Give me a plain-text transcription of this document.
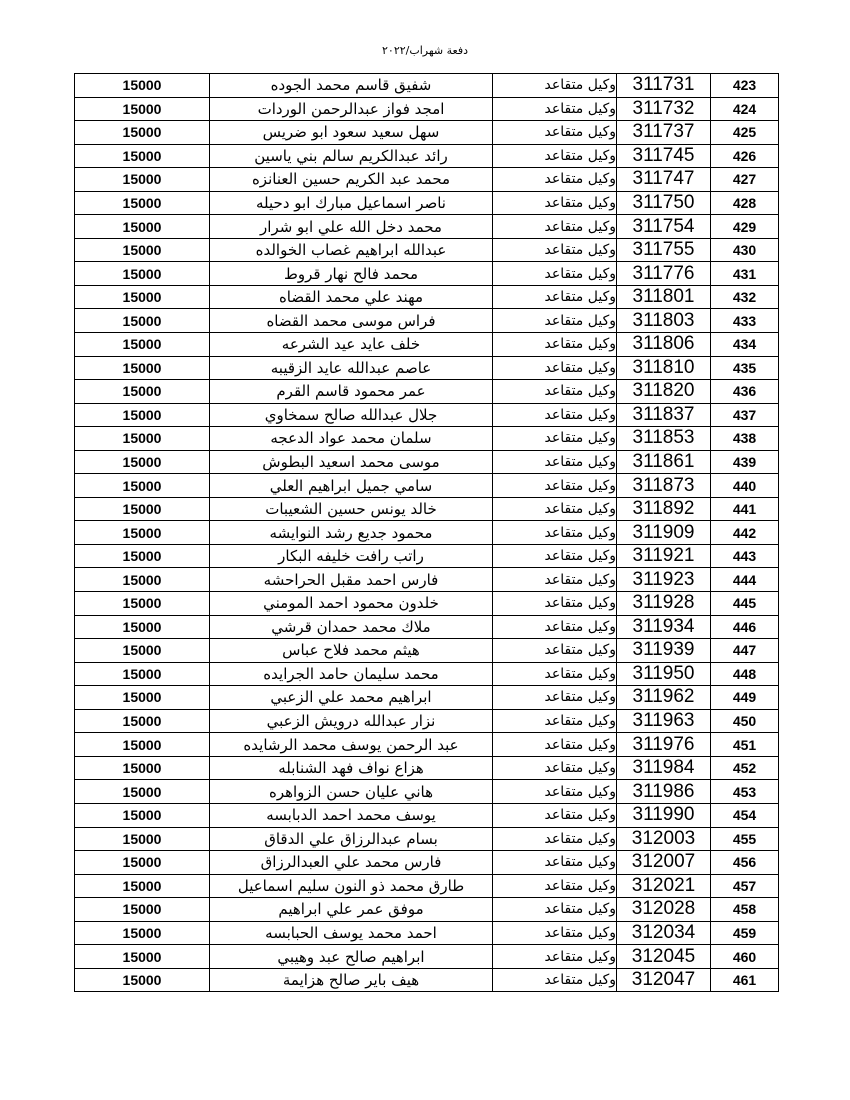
دفعة شهراب/٢٠٢٢
15000	شفيق قاسم محمد الجوده	وكيل متقاعد	311731	423
15000	امجد فواز عبدالرحمن الوردات	وكيل متقاعد	311732	424
15000	سهل سعيد سعود ابو ضريس	وكيل متقاعد	311737	425
15000	رائد عبدالكريم سالم بني ياسين	وكيل متقاعد	311745	426
15000	محمد عبد الكريم حسين العنانزه	وكيل متقاعد	311747	427
15000	ناصر اسماعيل مبارك ابو دحيله	وكيل متقاعد	311750	428
15000	محمد دخل الله علي ابو شرار	وكيل متقاعد	311754	429
15000	عبدالله ابراهيم غصاب الخوالده	وكيل متقاعد	311755	430
15000	محمد فالح نهار قروط	وكيل متقاعد	311776	431
15000	مهند علي محمد القضاه	وكيل متقاعد	311801	432
15000	فراس موسى محمد القضاه	وكيل متقاعد	311803	433
15000	خلف عايد عيد الشرعه	وكيل متقاعد	311806	434
15000	عاصم عبدالله عايد الزقيبه	وكيل متقاعد	311810	435
15000	عمر محمود قاسم القرم	وكيل متقاعد	311820	436
15000	جلال عبدالله صالح سمخاوي	وكيل متقاعد	311837	437
15000	سلمان محمد عواد الدعجه	وكيل متقاعد	311853	438
15000	موسى محمد اسعيد البطوش	وكيل متقاعد	311861	439
15000	سامي جميل ابراهيم العلي	وكيل متقاعد	311873	440
15000	خالد يونس حسين الشعيبات	وكيل متقاعد	311892	441
15000	محمود جديع رشد النوايشه	وكيل متقاعد	311909	442
15000	راتب رافت خليفه البكار	وكيل متقاعد	311921	443
15000	فارس احمد مقبل الحراحشه	وكيل متقاعد	311923	444
15000	خلدون محمود احمد المومني	وكيل متقاعد	311928	445
15000	ملاك محمد حمدان قرشي	وكيل متقاعد	311934	446
15000	هيثم محمد فلاح عباس	وكيل متقاعد	311939	447
15000	محمد سليمان حامد الجرايده	وكيل متقاعد	311950	448
15000	ابراهيم محمد علي الزعبي	وكيل متقاعد	311962	449
15000	نزار عبدالله درويش الزعبي	وكيل متقاعد	311963	450
15000	عبد الرحمن يوسف محمد الرشايده	وكيل متقاعد	311976	451
15000	هزاع نواف فهد الشنابله	وكيل متقاعد	311984	452
15000	هاني عليان حسن الزواهره	وكيل متقاعد	311986	453
15000	يوسف محمد احمد الدبابسه	وكيل متقاعد	311990	454
15000	بسام عبدالرزاق علي الدقاق	وكيل متقاعد	312003	455
15000	فارس محمد علي العبدالرزاق	وكيل متقاعد	312007	456
15000	طارق محمد ذو النون سليم اسماعيل	وكيل متقاعد	312021	457
15000	موفق عمر علي ابراهيم	وكيل متقاعد	312028	458
15000	احمد محمد يوسف الحبابسه	وكيل متقاعد	312034	459
15000	ابراهيم صالح عبد وهيبي	وكيل متقاعد	312045	460
15000	هيف باير صالح هزايمة	وكيل متقاعد	312047	461
